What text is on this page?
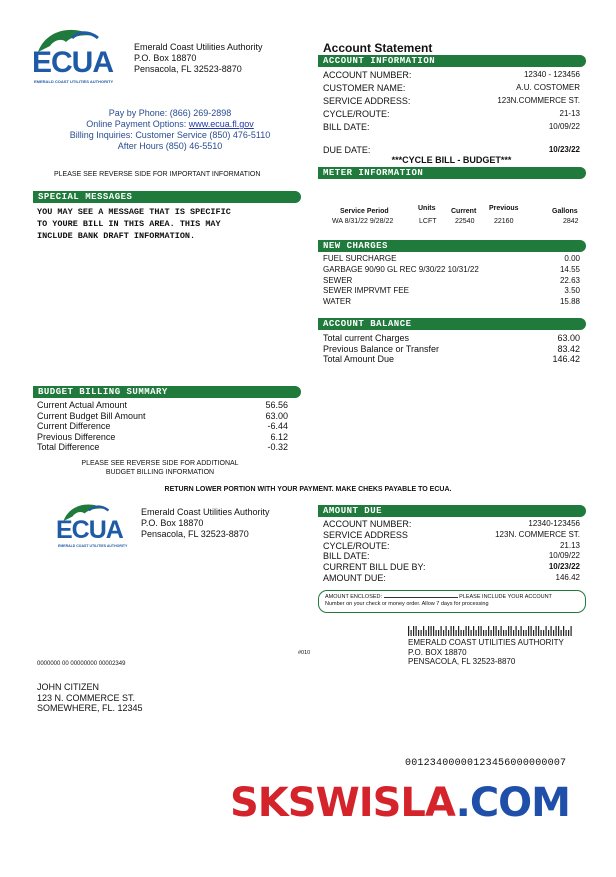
ECUA
EMERALD COAST UTILITIES AUTHORITY
Emerald Coast Utilities Authority
P.O. Box 18870
Pensacola, FL 32523-8870
Pay by Phone: (866) 269-2898
Online Payment Options: www.ecua.fl.gov
Billing Inquiries: Customer Service (850) 476-5110
After Hours (850) 46-5510
PLEASE SEE REVERSE SIDE FOR IMPORTANT INFORMATION
Account Statement
ACCOUNT INFORMATION
ACCOUNT NUMBER:	12340 - 123456
CUSTOMER NAME:	A.U. COSTOMER
SERVICE ADDRESS:	123N.COMMERCE ST.
CYCLE/ROUTE:	21-13
BILL DATE:	10/09/22
DUE DATE:	10/23/22
***CYCLE BILL - BUDGET***
METER INFORMATION
Service Period	Units Current Previous	Gallons
WA 8/31/22 9/28/22	LCFT	22540	22160	2842
SPECIAL MESSAGES
YOU MAY SEE A MESSAGE THAT IS SPECIFIC
TO YOURE BILL IN THIS AREA. THIS MAY
INCLUDE BANK DRAFT INFORMATION.
NEW CHARGES
FUEL SURCHARGE	0.00
GARBAGE 90/90 GL REC 9/30/22 10/31/22	14.55
SEWER	22.63
SEWER IMPRVMT FEE	3.50
WATER	15.88
ACCOUNT BALANCE
Total current Charges	63.00
Previous Balance or Transfer	83.42
Total Amount Due	146.42
BUDGET BILLING SUMMARY
Current Actual Amount	56.56
Current Budget Bill Amount	63.00
Current Difference	-6.44
Previous Difference	6.12
Total Difference	-0.32
PLEASE SEE REVERSE SIDE FOR ADDITIONAL
BUDGET BILLING INFORMATION
RETURN LOWER PORTION WITH YOUR PAYMENT. MAKE CHEKS PAYABLE TO ECUA.
ECUA
EMERALD COAST UTILITIES AUTHORITY
Emerald Coast Utilities Authority
P.O. Box 18870
Pensacola, FL 32523-8870
AMOUNT DUE
ACCOUNT NUMBER:	12340-123456
SERVICE ADDRESS	123N. COMMERCE ST.
CYCLE/ROUTE:	21.13
BILL DATE:	10/09/22
CURRENT BILL DUE BY:	10/23/22
AMOUNT DUE:	146.42
AMOUNT ENCLOSED:	PLEASE INCLUDE YOUR ACCOUNT
Number on your check or money order. Allow 7 days for processing
EMERALD COAST UTILITIES AUTHORITY
P.O. BOX 18870
PENSACOLA, FL 32523-8870
#010
0000000 00 00000000 00002349
JOHN CITIZEN
123 N. COMMERCE ST.
SOMEWHERE, FL. 12345
00123400000123456000000007
SKSWISLA.COM
